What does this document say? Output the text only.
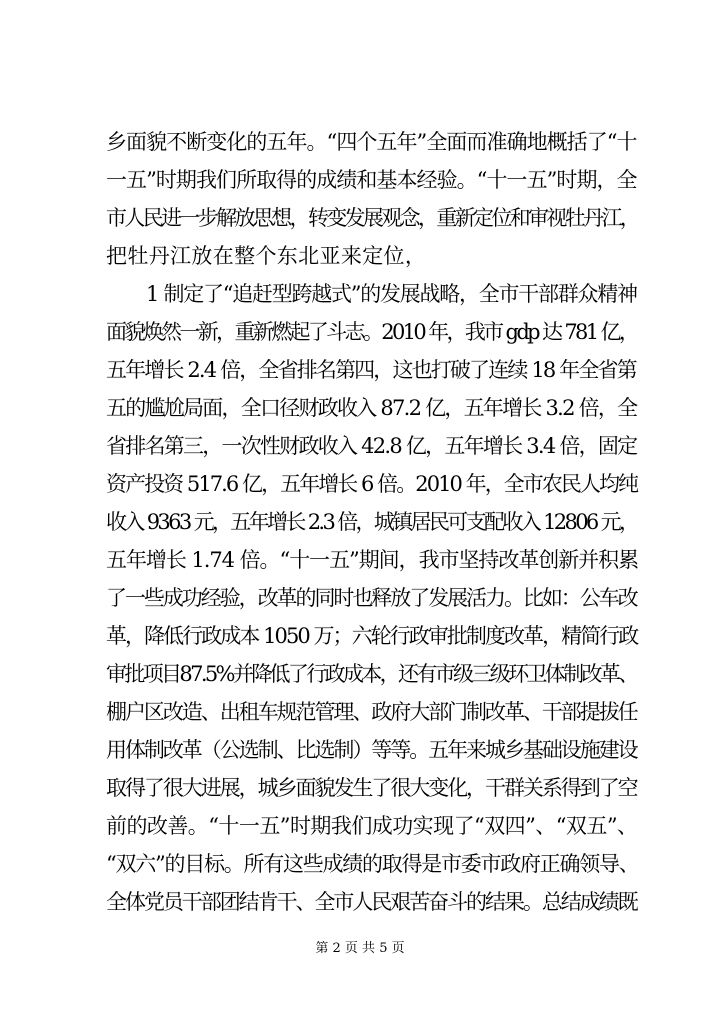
乡面貌不断变化的五年。“四个五年”全面而准确地概括了“十
一五”时期我们所取得的成绩和基本经验。“十一五”时期，全
市人民进一步解放思想，转变发展观念，重新定位和审视牡丹江，
把牡丹江放在整个东北亚来定位，
1 制定了“追赶型跨越式”的发展战略，全市干部群众精神
面貌焕然一新，重新燃起了斗志。2010 年，我市 gdp 达 781 亿，
五年增长 2.4 倍，全省排名第四，这也打破了连续 18 年全省第
五的尴尬局面，全口径财政收入 87.2 亿，五年增长 3.2 倍，全
省排名第三，一次性财政收入 42.8 亿，五年增长 3.4 倍，固定
资产投资 517.6 亿，五年增长 6 倍。2010 年，全市农民人均纯
收入 9363 元，五年增长 2.3 倍，城镇居民可支配收入 12806 元，
五年增长 1.74 倍。“十一五”期间，我市坚持改革创新并积累
了一些成功经验，改革的同时也释放了发展活力。比如：公车改
革，降低行政成本 1050 万；六轮行政审批制度改革，精简行政
审批项目87.5%并降低了行政成本，还有市级三级环卫体制改革、
棚户区改造、出租车规范管理、政府大部门制改革、干部提拔任
用体制改革（公选制、比选制）等等。五年来城乡基础设施建设
取得了很大进展，城乡面貌发生了很大变化，干群关系得到了空
前的改善。“十一五”时期我们成功实现了“双四”、“双五”、
“双六”的目标。所有这些成绩的取得是市委市政府正确领导、
全体党员干部团结肯干、全市人民艰苦奋斗的结果。总结成绩既
第 2 页 共 5 页
